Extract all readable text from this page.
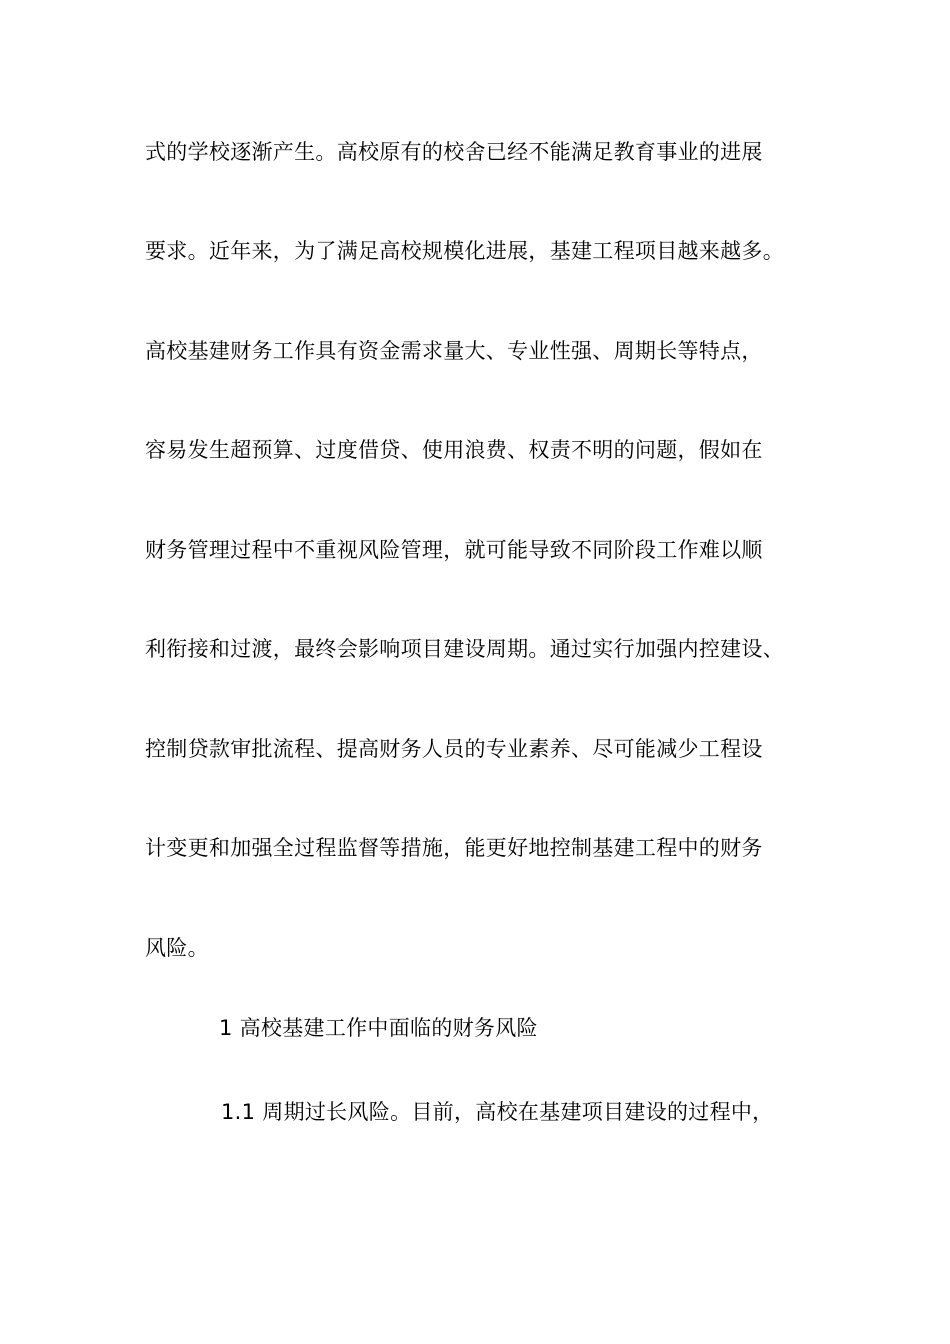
式的学校逐渐产生。高校原有的校舍已经不能满足教育事业的进展
要求。近年来，为了满足高校规模化进展，基建工程项目越来越多。
高校基建财务工作具有资金需求量大、专业性强、周期长等特点，
容易发生超预算、过度借贷、使用浪费、权责不明的问题，假如在
财务管理过程中不重视风险管理，就可能导致不同阶段工作难以顺
利衔接和过渡，最终会影响项目建设周期。通过实行加强内控建设、
控制贷款审批流程、提高财务人员的专业素养、尽可能减少工程设
计变更和加强全过程监督等措施，能更好地控制基建工程中的财务
风险。
1 高校基建工作中面临的财务风险
1.1 周期过长风险。目前，高校在基建项目建设的过程中，
